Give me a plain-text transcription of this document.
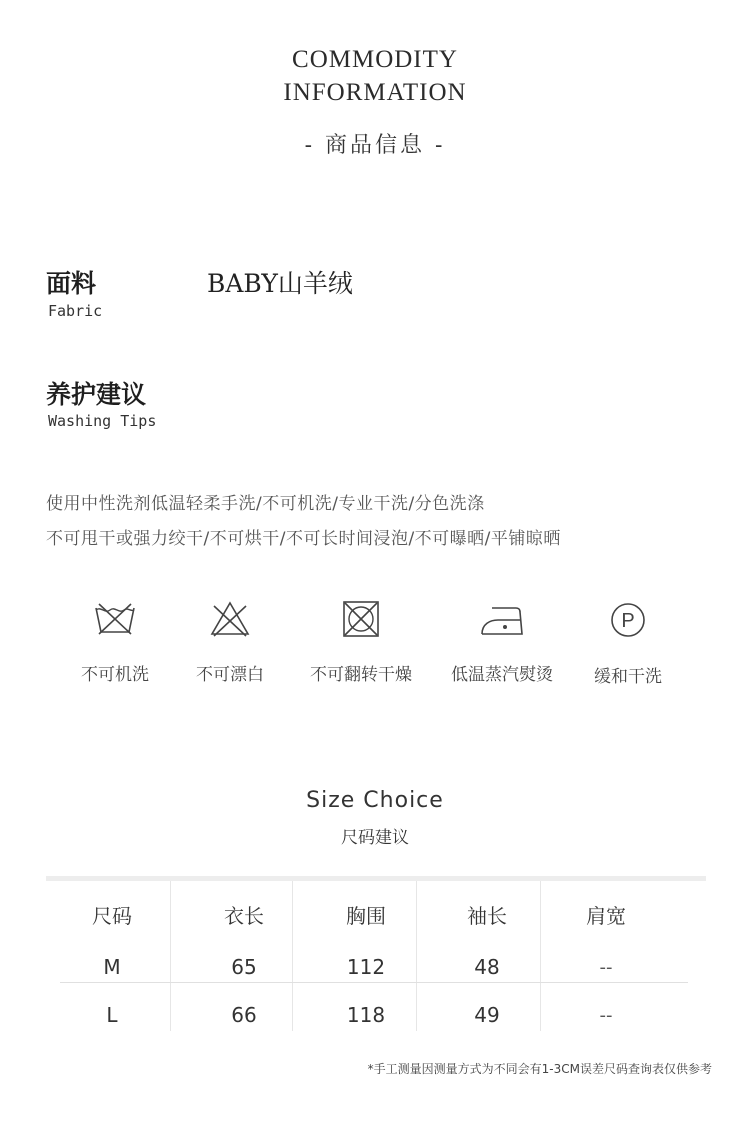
COMMODITY
INFORMATION
- 商品信息 -
面料
Fabric
BABY山羊绒
养护建议
Washing Tips
使用中性洗剂低温轻柔手洗/不可机洗/专业干洗/分色洗涤
不可甩干或强力绞干/不可烘干/不可长时间浸泡/不可曝晒/平铺晾晒
不可机洗	不可漂白	不可翻转干燥	低温蒸汽熨烫
P
缓和干洗
Size Choice
尺码建议
尺码	衣长	胸围	袖长	肩宽
M	65	112	48	--
L	66	118	49	--
*手工测量因测量方式为不同会有1-3CM误差尺码查询表仅供参考
